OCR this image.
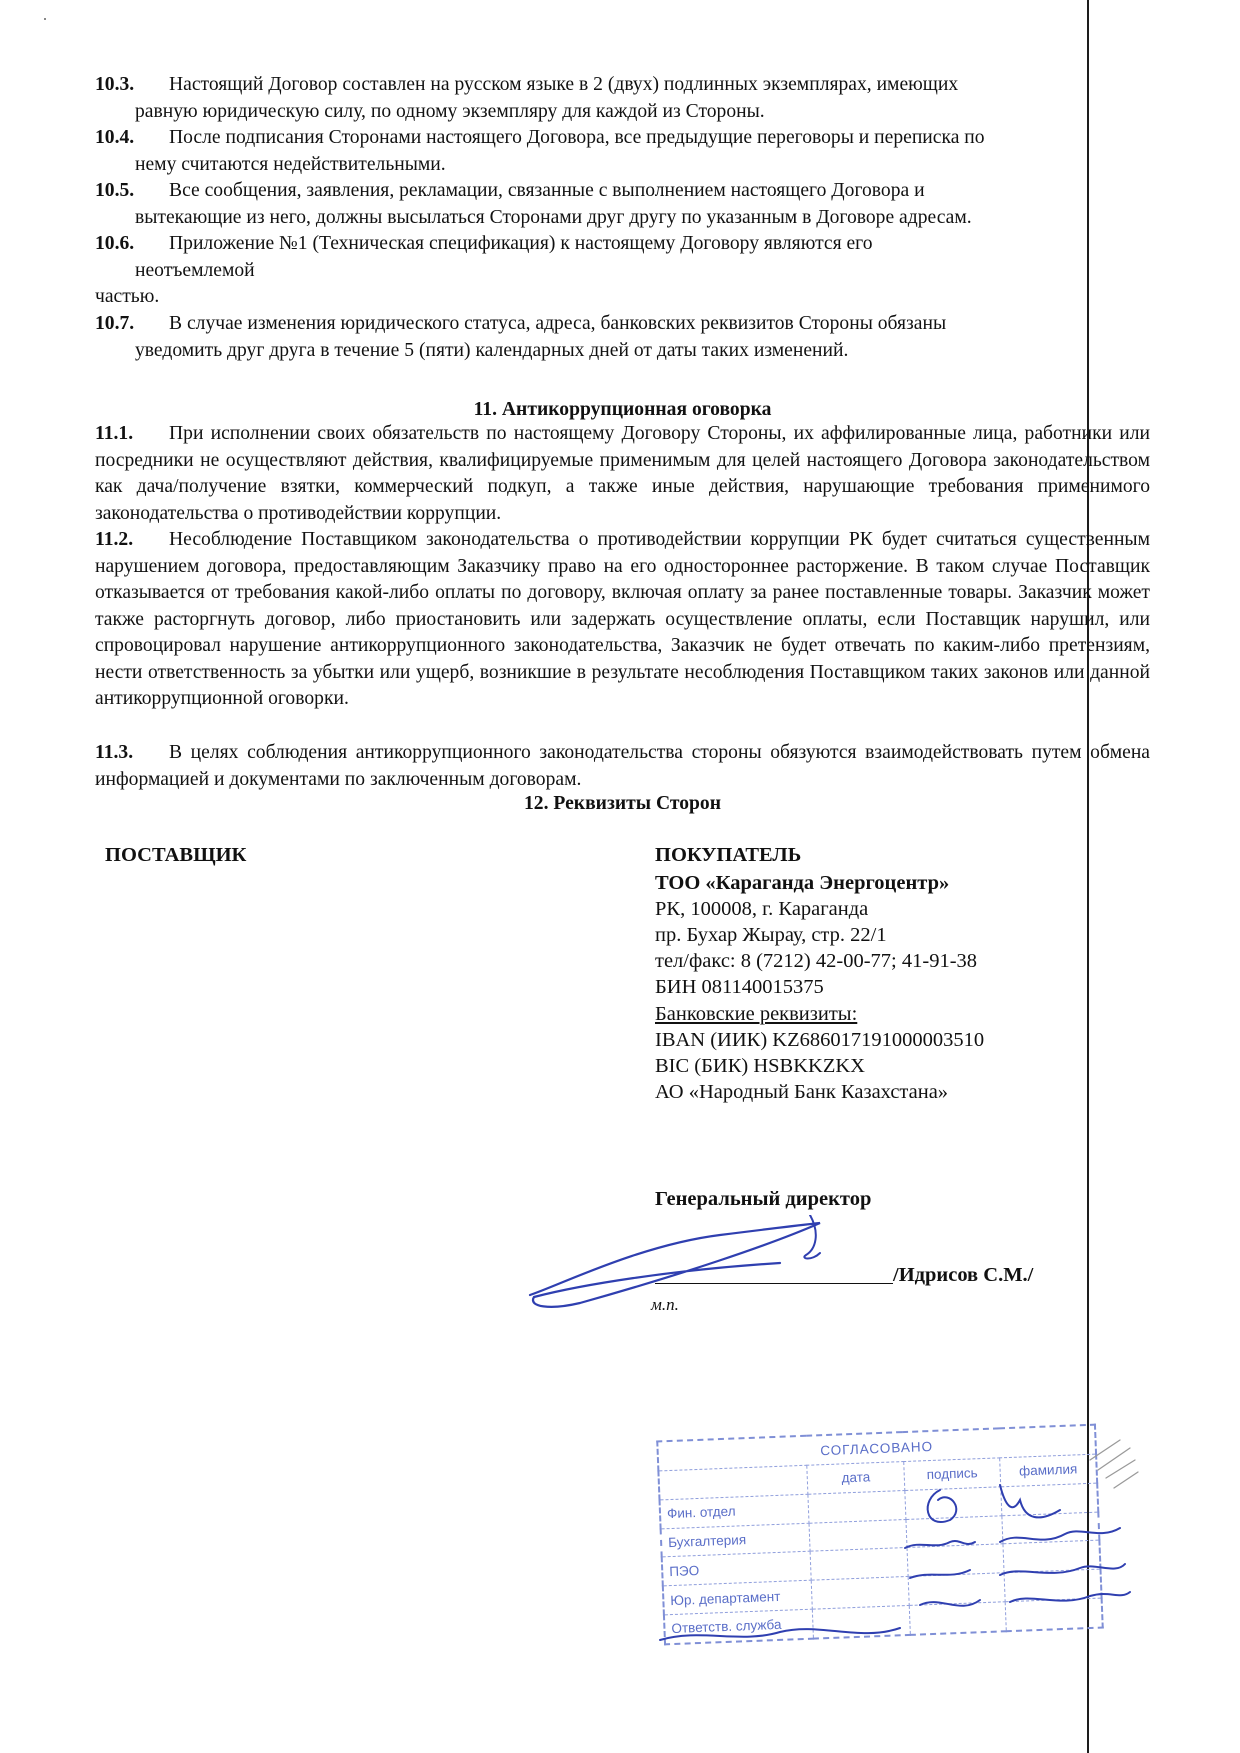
10.3. Настоящий Договор составлен на русском языке в 2 (двух) подлинных экземплярах, имеющих
равную юридическую силу, по одному экземпляру для каждой из Стороны.
10.4. После подписания Сторонами настоящего Договора, все предыдущие переговоры и переписка по
нему считаются недействительными.
10.5. Все сообщения, заявления, рекламации, связанные с выполнением настоящего Договора и
вытекающие из него, должны высылаться Сторонами друг другу по указанным в Договоре адресам.
10.6. Приложение №1 (Техническая спецификация) к настоящему Договору являются его
неотъемлемой
частью.
10.7. В случае изменения юридического статуса, адреса, банковских реквизитов Стороны обязаны
уведомить друг друга в течение 5 (пяти) календарных дней от даты таких изменений.
11. Антикоррупционная оговорка
11.1. При исполнении своих обязательств по настоящему Договору Стороны, их аффилированные лица, работники или посредники не осуществляют действия, квалифицируемые применимым для целей настоящего Договора законодательством как дача/получение взятки, коммерческий подкуп, а также иные действия, нарушающие требования применимого законодательства о противодействии коррупции.
11.2. Несоблюдение Поставщиком законодательства о противодействии коррупции РК будет считаться существенным нарушением договора, предоставляющим Заказчику право на его одностороннее расторжение. В таком случае Поставщик отказывается от требования какой-либо оплаты по договору, включая оплату за ранее поставленные товары. Заказчик может также расторгнуть договор, либо приостановить или задержать осуществление оплаты, если Поставщик нарушил, или спровоцировал нарушение антикоррупционного законодательства, Заказчик не будет отвечать по каким-либо претензиям, нести ответственность за убытки или ущерб, возникшие в результате несоблюдения Поставщиком таких законов или данной антикоррупционной оговорки.
11.3. В целях соблюдения антикоррупционного законодательства стороны обязуются взаимодействовать путем обмена информацией и документами по заключенным договорам.
12. Реквизиты Сторон
ПОСТАВЩИК	ПОКУПАТЕЛЬ
ТОО «Караганда Энергоцентр»
РК, 100008, г. Караганда
пр. Бухар Жырау, стр. 22/1
тел/факс: 8 (7212) 42-00-77; 41-91-38
БИН 081140015375
Банковские реквизиты:
IBAN (ИИК) KZ686017191000003510
BIC (БИК) HSBKKZKX
АО «Народный Банк Казахстана»
Генеральный директор
/Идрисов С.М./
м.п.
СОГЛАСОВАНО			
	дата	подпись	фамилия
Фин. отдел			
Бухгалтерия			
ПЭО			
Юр. департамент			
Ответств. служба			
